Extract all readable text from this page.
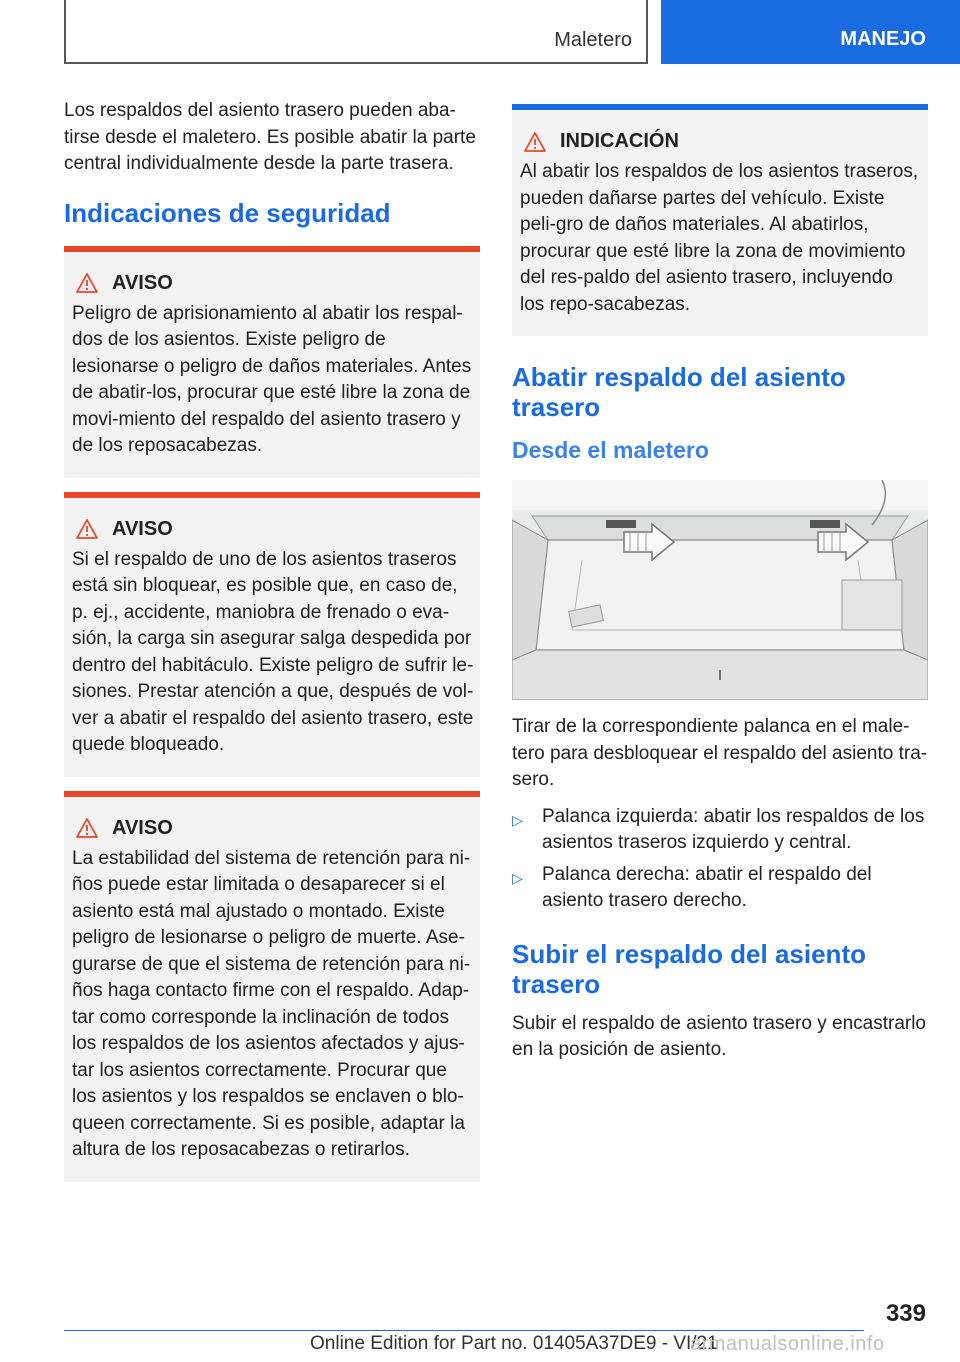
Maletero	MANEJO

Los respaldos del asiento trasero pueden aba-tirse desde el maletero. Es posible abatir la parte central individualmente desde la parte trasera.

Indicaciones de seguridad
AVISO

Peligro de aprisionamiento al abatir los respal-dos de los asientos. Existe peligro de lesionarse o peligro de daños materiales. Antes de abatir-los, procurar que esté libre la zona de movi-miento del respaldo del asiento trasero y de los reposacabezas.

AVISO

Si el respaldo de uno de los asientos traseros está sin bloquear, es posible que, en caso de, p. ej., accidente, maniobra de frenado o eva-sión, la carga sin asegurar salga despedida por dentro del habitáculo. Existe peligro de sufrir le-siones. Prestar atención a que, después de vol-ver a abatir el respaldo del asiento trasero, este quede bloqueado.

AVISO

La estabilidad del sistema de retención para ni-ños puede estar limitada o desaparecer si el asiento está mal ajustado o montado. Existe peligro de lesionarse o peligro de muerte. Ase-gurarse de que el sistema de retención para ni-ños haga contacto firme con el respaldo. Adap-tar como corresponde la inclinación de todos los respaldos de los asientos afectados y ajus-tar los asientos correctamente. Procurar que los asientos y los respaldos se enclaven o blo-queen correctamente. Si es posible, adaptar la altura de los reposacabezas o retirarlos.

INDICACIÓN

Al abatir los respaldos de los asientos traseros, pueden dañarse partes del vehículo. Existe peli-gro de daños materiales. Al abatirlos, procurar que esté libre la zona de movimiento del res-paldo del asiento trasero, incluyendo los repo-sacabezas.

Abatir respaldo del asiento trasero
Desde el maletero

Tirar de la correspondiente palanca en el male-tero para desbloquear el respaldo del asiento tra-sero.

▷ Palanca izquierda: abatir los respaldos de los asientos traseros izquierdo y central.
▷ Palanca derecha: abatir el respaldo del asiento trasero derecho.
Subir el respaldo del asiento trasero

Subir el respaldo de asiento trasero y encastrarlo en la posición de asiento.

339
Online Edition for Part no. 01405A37DE9 - VI/21
armanualsonline.info
